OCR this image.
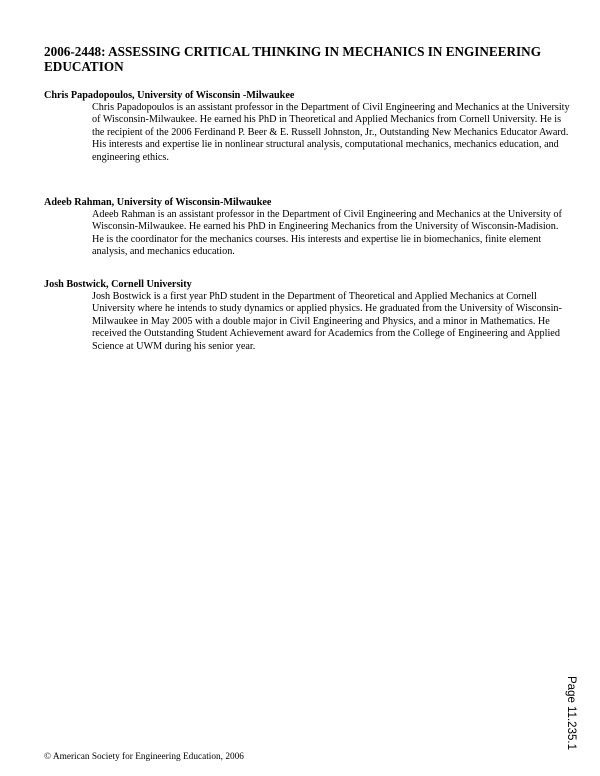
2006-2448: ASSESSING CRITICAL THINKING IN MECHANICS IN ENGINEERING EDUCATION

Chris Papadopoulos, University of Wisconsin -Milwaukee

Chris Papadopoulos is an assistant professor in the Department of Civil Engineering and Mechanics at the University of Wisconsin-Milwaukee. He earned his PhD in Theoretical and Applied Mechanics from Cornell University. He is the recipient of the 2006 Ferdinand P. Beer & E. Russell Johnston, Jr., Outstanding New Mechanics Educator Award. His interests and expertise lie in nonlinear structural analysis, computational mechanics, mechanics education, and engineering ethics.

Adeeb Rahman, University of Wisconsin-Milwaukee

Adeeb Rahman is an assistant professor in the Department of Civil Engineering and Mechanics at the University of Wisconsin-Milwaukee. He earned his PhD in Engineering Mechanics from the University of Wisconsin-Madision. He is the coordinator for the mechanics courses. His interests and expertise lie in biomechanics, finite element analysis, and mechanics education.

Josh Bostwick, Cornell University

Josh Bostwick is a first year PhD student in the Department of Theoretical and Applied Mechanics at Cornell University where he intends to study dynamics or applied physics. He graduated from the University of Wisconsin-Milwaukee in May 2005 with a double major in Civil Engineering and Physics, and a minor in Mathematics. He received the Outstanding Student Achievement award for Academics from the College of Engineering and Applied Science at UWM during his senior year.

© American Society for Engineering Education, 2006
Page 11.235.1
